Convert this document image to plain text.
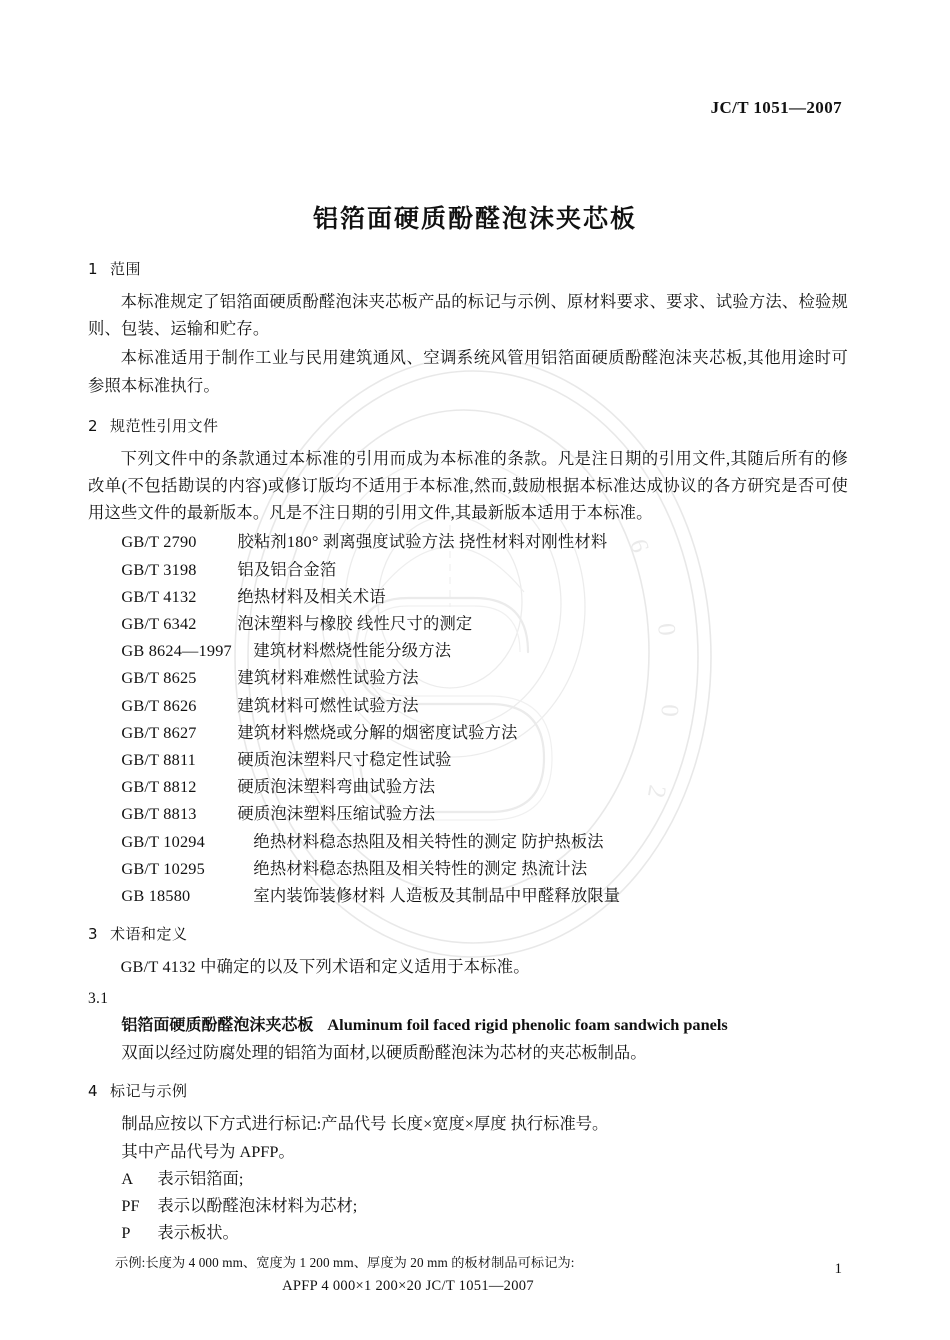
6
0
0
2
JC/T 1051—2007
铝箔面硬质酚醛泡沫夹芯板
1 范围

本标准规定了铝箔面硬质酚醛泡沫夹芯板产品的标记与示例、原材料要求、要求、试验方法、检验规则、包装、运输和贮存。

本标准适用于制作工业与民用建筑通风、空调系统风管用铝箔面硬质酚醛泡沫夹芯板,其他用途时可参照本标准执行。

2 规范性引用文件

下列文件中的条款通过本标准的引用而成为本标准的条款。凡是注日期的引用文件,其随后所有的修改单(不包括勘误的内容)或修订版均不适用于本标准,然而,鼓励根据本标准达成协议的各方研究是否可使用这些文件的最新版本。凡是不注日期的引用文件,其最新版本适用于本标准。

GB/T 2790	胶粘剂180° 剥离强度试验方法 挠性材料对刚性材料
GB/T 3198	铝及铝合金箔
GB/T 4132	绝热材料及相关术语
GB/T 6342	泡沫塑料与橡胶 线性尺寸的测定
GB 8624—1997 建筑材料燃烧性能分级方法
GB/T 8625	建筑材料难燃性试验方法
GB/T 8626	建筑材料可燃性试验方法
GB/T 8627	建筑材料燃烧或分解的烟密度试验方法
GB/T 8811	硬质泡沫塑料尺寸稳定性试验
GB/T 8812	硬质泡沫塑料弯曲试验方法
GB/T 8813	硬质泡沫塑料压缩试验方法
GB/T 10294	绝热材料稳态热阻及相关特性的测定 防护热板法
GB/T 10295	绝热材料稳态热阻及相关特性的测定 热流计法
GB 18580	室内装饰装修材料 人造板及其制品中甲醛释放限量
3 术语和定义

GB/T 4132 中确定的以及下列术语和定义适用于本标准。

3.1

铝箔面硬质酚醛泡沫夹芯板 Aluminum foil faced rigid phenolic foam sandwich panels

双面以经过防腐处理的铝箔为面材,以硬质酚醛泡沫为芯材的夹芯板制品。

4 标记与示例

制品应按以下方式进行标记:产品代号 长度×宽度×厚度 执行标准号。

其中产品代号为 APFP。

A 表示铝箔面;

PF 表示以酚醛泡沫材料为芯材;

P 表示板状。

示例:长度为 4 000 mm、宽度为 1 200 mm、厚度为 20 mm 的板材制品可标记为:

APFP 4 000×1 200×20 JC/T 1051—2007

1
